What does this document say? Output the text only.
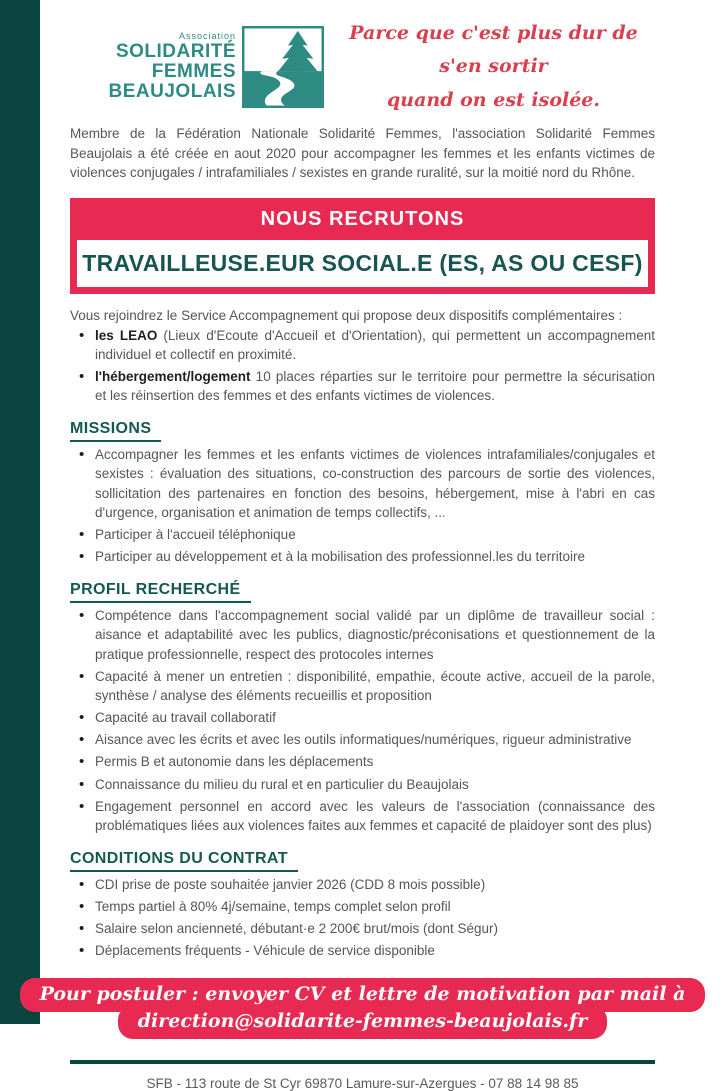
Association
SOLIDARITÉ
FEMMES
BEAUJOLAIS
Parce que c'est plus dur de s'en sortir
quand on est isolée.
Membre de la Fédération Nationale Solidarité Femmes, l'association Solidarité Femmes Beaujolais a été créée en aout 2020 pour accompagner les femmes et les enfants victimes de violences conjugales / intrafamiliales / sexistes en grande ruralité, sur la moitié nord du Rhône.
NOUS RECRUTONS
TRAVAILLEUSE.EUR SOCIAL.E (ES, AS OU CESF)
Vous rejoindrez le Service Accompagnement qui propose deux dispositifs complémentaires :
• les LEAO (Lieux d'Ecoute d'Accueil et d'Orientation), qui permettent un accompagnement individuel et collectif en proximité.
• l'hébergement/logement 10 places réparties sur le territoire pour permettre la sécurisation et les réinsertion des femmes et des enfants victimes de violences.
MISSIONS
• Accompagner les femmes et les enfants victimes de violences intrafamiliales/conjugales et sexistes : évaluation des situations, co-construction des parcours de sortie des violences, sollicitation des partenaires en fonction des besoins, hébergement, mise à l'abri en cas d'urgence, organisation et animation de temps collectifs, ...
• Participer à l'accueil téléphonique
• Participer au développement et à la mobilisation des professionnel.les du territoire
PROFIL RECHERCHÉ
• Compétence dans l'accompagnement social validé par un diplôme de travailleur social : aisance et adaptabilité avec les publics, diagnostic/préconisations et questionnement de la pratique professionnelle, respect des protocoles internes
• Capacité à mener un entretien : disponibilité, empathie, écoute active, accueil de la parole, synthèse / analyse des éléments recueillis et proposition
• Capacité au travail collaboratif
• Aisance avec les écrits et avec les outils informatiques/numériques, rigueur administrative
• Permis B et autonomie dans les déplacements
• Connaissance du milieu du rural et en particulier du Beaujolais
• Engagement personnel en accord avec les valeurs de l'association (connaissance des problématiques liées aux violences faites aux femmes et capacité de plaidoyer sont des plus)
CONDITIONS DU CONTRAT
• CDI prise de poste souhaitée janvier 2026 (CDD 8 mois possible)
• Temps partiel à 80% 4j/semaine, temps complet selon profil
• Salaire selon ancienneté, débutant·e 2 200€ brut/mois (dont Ségur)
• Déplacements fréquents - Véhicule de service disponible
Pour postuler : envoyer CV et lettre de motivation par mail à
direction@solidarite-femmes-beaujolais.fr
SFB - 113 route de St Cyr 69870 Lamure-sur-Azergues - 07 88 14 98 85
